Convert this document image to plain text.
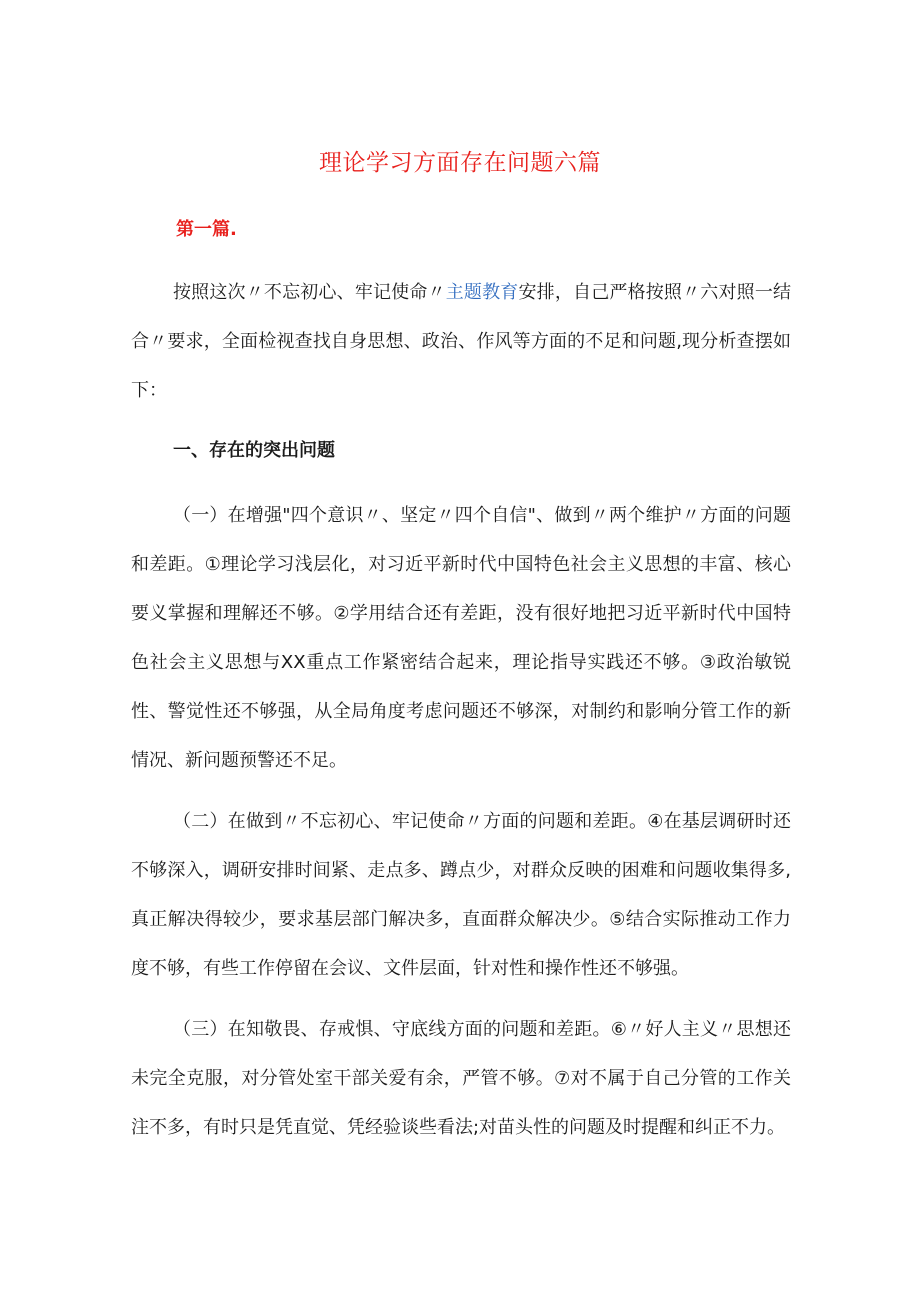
理论学习方面存在问题六篇
第一篇.

按照这次〃不忘初心、牢记使命〃主题教育安排，自己严格按照〃六对照一结合〃要求，全面检视查找自身思想、政治、作风等方面的不足和问题,现分析查摆如下：

一、存在的突出问题

（一）在增强"四个意识〃、坚定〃四个自信"、做到〃两个维护〃方面的问题和差距。①理论学习浅层化，对习近平新时代中国特色社会主义思想的丰富、核心要义掌握和理解还不够。②学用结合还有差距，没有很好地把习近平新时代中国特色社会主义思想与XX重点工作紧密结合起来，理论指导实践还不够。③政治敏锐性、警觉性还不够强，从全局角度考虑问题还不够深，对制约和影响分管工作的新情况、新问题预警还不足。

（二）在做到〃不忘初心、牢记使命〃方面的问题和差距。④在基层调研时还不够深入，调研安排时间紧、走点多、蹲点少，对群众反映的困难和问题收集得多,真正解决得较少，要求基层部门解决多，直面群众解决少。⑤结合实际推动工作力度不够，有些工作停留在会议、文件层面，针对性和操作性还不够强。

（三）在知敬畏、存戒惧、守底线方面的问题和差距。⑥〃好人主义〃思想还未完全克服，对分管处室干部关爱有余，严管不够。⑦对不属于自己分管的工作关注不多，有时只是凭直觉、凭经验谈些看法;对苗头性的问题及时提醒和纠正不力。
